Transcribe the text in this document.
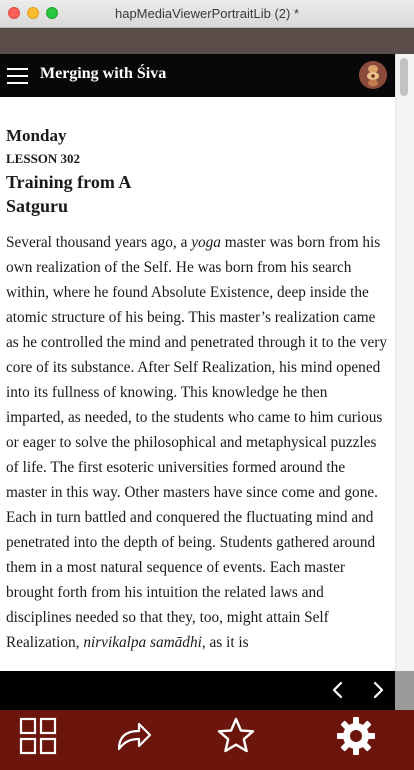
hapMediaViewerPortraitLib (2) *
Merging with Śiva
Monday
LESSON 302
Training from A Satguru

Several thousand years ago, a yoga master was born from his own realization of the Self. He was born from his search within, where he found Absolute Existence, deep inside the atomic structure of his being. This master’s realization came as he controlled the mind and penetrated through it to the very core of its substance. After Self Realization, his mind opened into its fullness of knowing. This knowledge he then imparted, as needed, to the students who came to him curious or eager to solve the philosophical and metaphysical puzzles of life. The first esoteric universities formed around the master in this way. Other masters have since come and gone. Each in turn battled and conquered the fluctuating mind and penetrated into the depth of being. Students gathered around them in a most natural sequence of events. Each master brought forth from his intuition the related laws and disciplines needed so that they, too, might attain Self Realization, nirvikalpa samādhi, as it is
